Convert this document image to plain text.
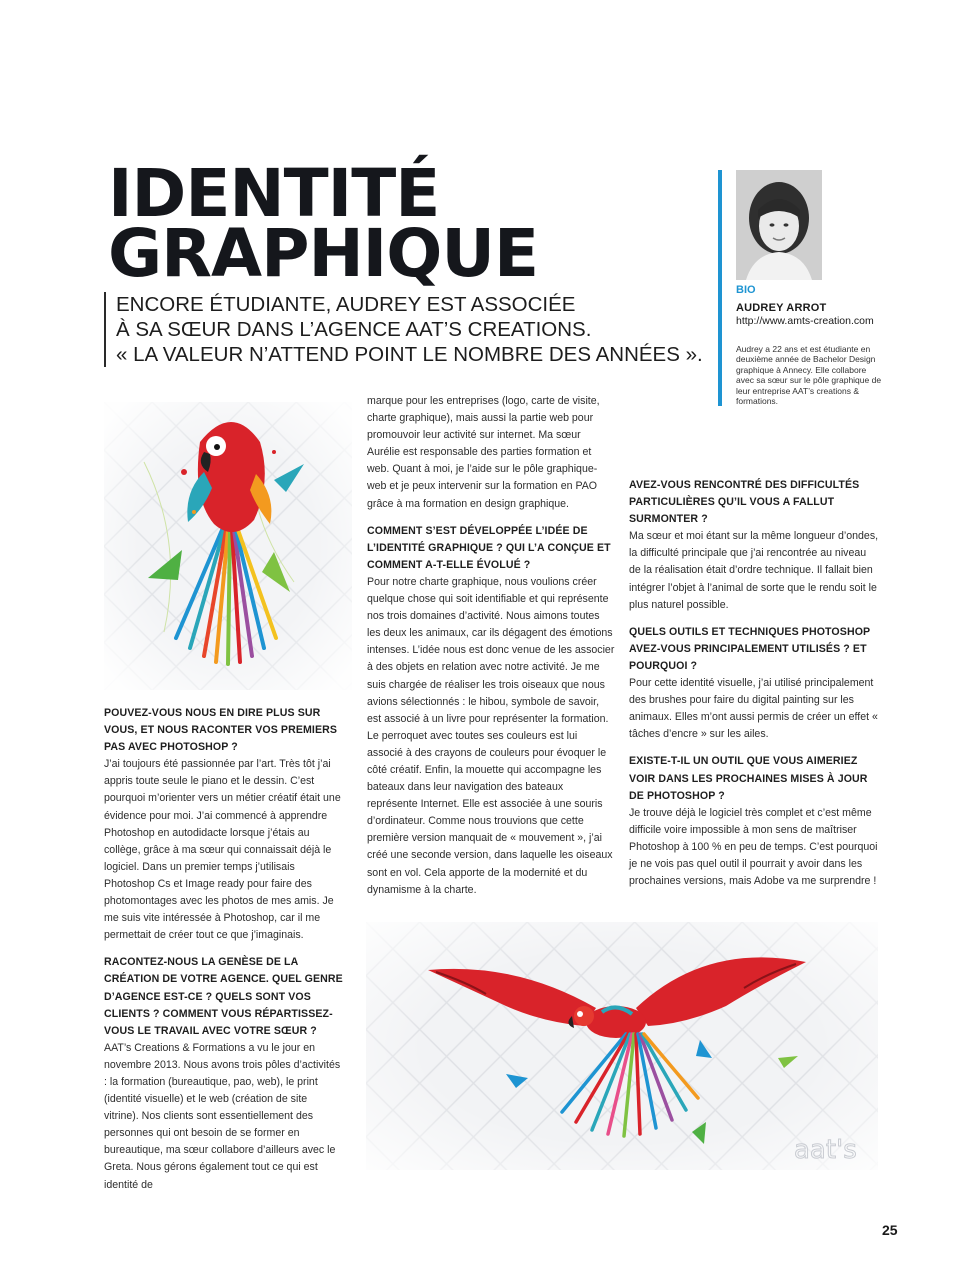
IDENTITÉ
GRAPHIQUE
ENCORE ÉTUDIANTE, AUDREY EST ASSOCIÉE
À SA SŒUR DANS L’AGENCE AAT’S CREATIONS.
« LA VALEUR N’ATTEND POINT LE NOMBRE DES ANNÉES ».
BIO
AUDREY ARROT
http://www.amts-creation.com
Audrey a 22 ans et est étudiante en deuxième année de Bachelor Design graphique à Annecy. Elle collabore avec sa sœur sur le pôle graphique de leur entreprise AAT’s creations & formations.

POUVEZ-VOUS NOUS EN DIRE PLUS SUR VOUS, ET NOUS RACONTER VOS PREMIERS PAS AVEC PHOTOSHOP ?

J’ai toujours été passionnée par l’art. Très tôt j’ai appris toute seule le piano et le dessin. C’est pourquoi m’orienter vers un métier créatif était une évidence pour moi. J’ai commencé à apprendre Photoshop en autodidacte lorsque j’étais au collège, grâce à ma sœur qui connaissait déjà le logiciel. Dans un premier temps j’utilisais Photoshop Cs et Image ready pour faire des photomontages avec les photos de mes amis. Je me suis vite intéressée à Photoshop, car il me permettait de créer tout ce que j’imaginais.

RACONTEZ-NOUS LA GENÈSE DE LA CRÉATION DE VOTRE AGENCE. QUEL GENRE D’AGENCE EST-CE ? QUELS SONT VOS CLIENTS ? COMMENT VOUS RÉPARTISSEZ-VOUS LE TRAVAIL AVEC VOTRE SŒUR ?

AAT’s Creations & Formations a vu le jour en novembre 2013. Nous avons trois pôles d’activités : la formation (bureautique, pao, web), le print (identité visuelle) et le web (création de site vitrine). Nos clients sont essentiellement des personnes qui ont besoin de se former en bureautique, ma sœur collabore d’ailleurs avec le Greta. Nous gérons également tout ce qui est identité de

marque pour les entreprises (logo, carte de visite, charte graphique), mais aussi la partie web pour promouvoir leur activité sur internet. Ma sœur Aurélie est responsable des parties formation et web. Quant à moi, je l’aide sur le pôle graphique-web et je peux intervenir sur la formation en PAO grâce à ma formation en design graphique.

COMMENT S’EST DÉVELOPPÉE L’IDÉE DE L’IDENTITÉ GRAPHIQUE ? QUI L’A CONÇUE ET COMMENT A-T-ELLE ÉVOLUÉ ?

Pour notre charte graphique, nous voulions créer quelque chose qui soit identifiable et qui représente nos trois domaines d’activité. Nous aimons toutes les deux les animaux, car ils dégagent des émotions intenses. L’idée nous est donc venue de les associer à des objets en relation avec notre activité. Je me suis chargée de réaliser les trois oiseaux que nous avions sélectionnés : le hibou, symbole de savoir, est associé à un livre pour représenter la formation. Le perroquet avec toutes ses couleurs est lui associé à des crayons de couleurs pour évoquer le côté créatif. Enfin, la mouette qui accompagne les bateaux dans leur navigation des bateaux représente Internet. Elle est associée à une souris d’ordinateur. Comme nous trouvions que cette première version manquait de « mouvement », j’ai créé une seconde version, dans laquelle les oiseaux sont en vol. Cela apporte de la modernité et du dynamisme à la charte.

AVEZ-VOUS RENCONTRÉ DES DIFFICULTÉS PARTICULIÈRES QU’IL VOUS A FALLUT SURMONTER ?

Ma sœur et moi étant sur la même longueur d’ondes, la difficulté principale que j’ai rencontrée au niveau de la réalisation était d’ordre technique. Il fallait bien intégrer l’objet à l’animal de sorte que le rendu soit le plus naturel possible.

QUELS OUTILS ET TECHNIQUES PHOTOSHOP AVEZ-VOUS PRINCIPALEMENT UTILISÉS ? ET POURQUOI ?

Pour cette identité visuelle, j’ai utilisé principalement des brushes pour faire du digital painting sur les animaux. Elles m’ont aussi permis de créer un effet « tâches d’encre » sur les ailes.

EXISTE-T-IL UN OUTIL QUE VOUS AIMERIEZ VOIR DANS LES PROCHAINES MISES À JOUR DE PHOTOSHOP ?

Je trouve déjà le logiciel très complet et c’est même difficile voire impossible à mon sens de maîtriser Photoshop à 100 % en peu de temps. C’est pourquoi je ne vois pas quel outil il pourrait y avoir dans les prochaines versions, mais Adobe va me surprendre !

aat's
25
